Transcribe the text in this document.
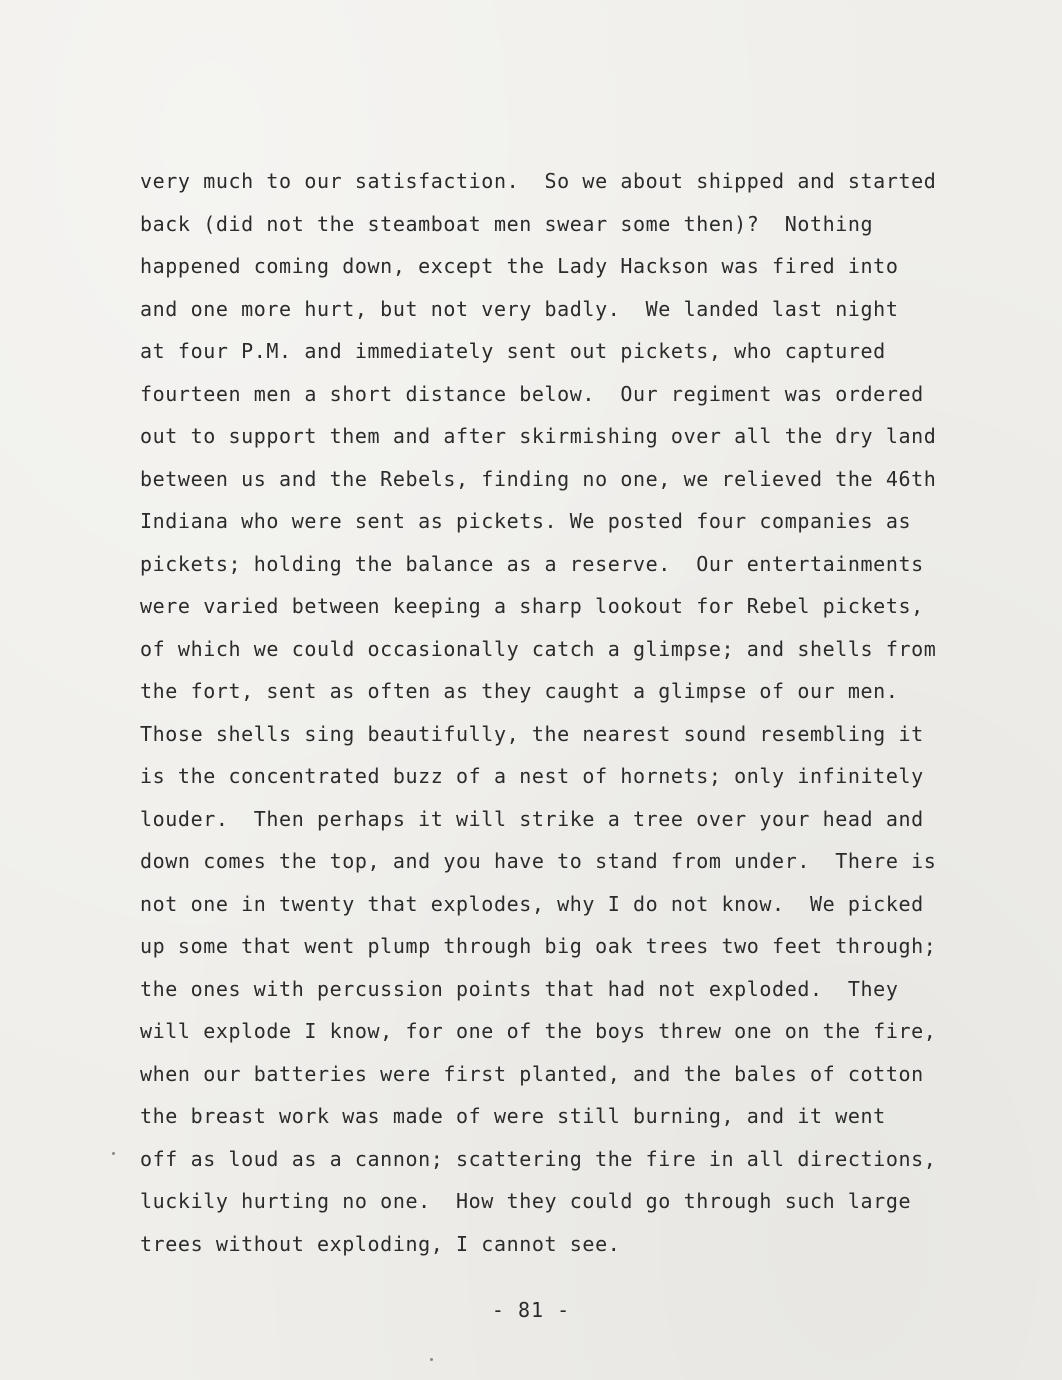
very much to our satisfaction.  So we about shipped and started
back (did not the steamboat men swear some then)?  Nothing
happened coming down, except the Lady Hackson was fired into
and one more hurt, but not very badly.  We landed last night
at four P.M. and immediately sent out pickets, who captured
fourteen men a short distance below.  Our regiment was ordered
out to support them and after skirmishing over all the dry land
between us and the Rebels, finding no one, we relieved the 46th
Indiana who were sent as pickets. We posted four companies as
pickets; holding the balance as a reserve.  Our entertainments
were varied between keeping a sharp lookout for Rebel pickets,
of which we could occasionally catch a glimpse; and shells from
the fort, sent as often as they caught a glimpse of our men.
Those shells sing beautifully, the nearest sound resembling it
is the concentrated buzz of a nest of hornets; only infinitely
louder.  Then perhaps it will strike a tree over your head and
down comes the top, and you have to stand from under.  There is
not one in twenty that explodes, why I do not know.  We picked
up some that went plump through big oak trees two feet through;
the ones with percussion points that had not exploded.  They
will explode I know, for one of the boys threw one on the fire,
when our batteries were first planted, and the bales of cotton
the breast work was made of were still burning, and it went
off as loud as a cannon; scattering the fire in all directions,
luckily hurting no one.  How they could go through such large
trees without exploding, I cannot see.
- 81 -
